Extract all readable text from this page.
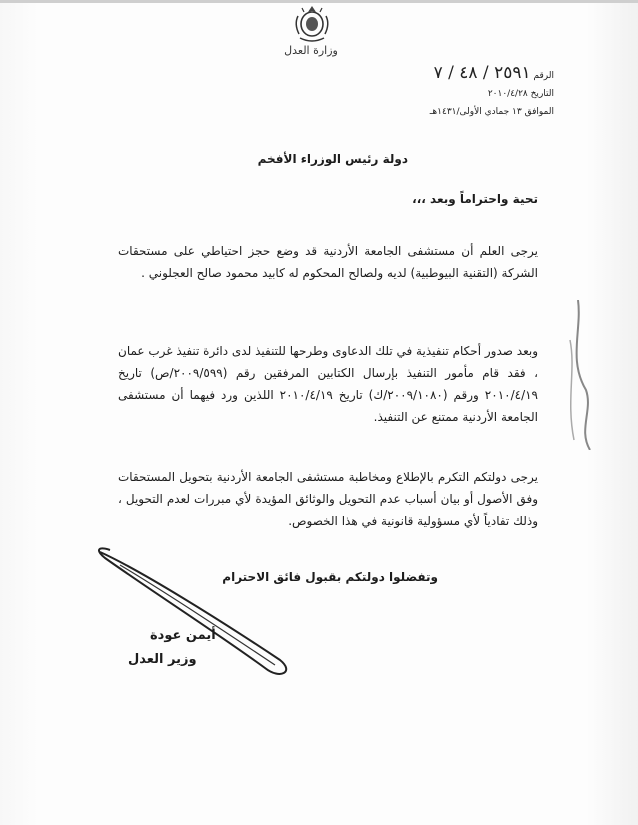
وزارة العدل
الرقم ٢٥٩١ / ٤٨ / ٧
التاريخ ٢٠١٠/٤/٢٨
الموافق ١٣ جمادي الأولى/١٤٣١هـ
دولة رئيس الوزراء الأفخم
تحية واحتراماً وبعد ،،،
يرجى العلم أن مستشفى الجامعة الأردنية قد وضع حجز احتياطي على مستحقات الشركة (التقنية البيوطبية) لديه ولصالح المحكوم له كابيد محمود صالح العجلوني .
وبعد صدور أحكام تنفيذية في تلك الدعاوى وطرحها للتنفيذ لدى دائرة تنفيذ غرب عمان ، فقد قام مأمور التنفيذ بإرسال الكتابين المرفقين رقم (٢٠٠٩/٥٩٩/ص) تاريخ ٢٠١٠/٤/١٩ ورقم (٢٠٠٩/١٠٨٠/ك) تاريخ ٢٠١٠/٤/١٩ اللذين ورد فيهما أن مستشفى الجامعة الأردنية ممتنع عن التنفيذ.
يرجى دولتكم التكرم بالإطلاع ومخاطبة مستشفى الجامعة الأردنية بتحويل المستحقات وفق الأصول أو بيان أسباب عدم التحويل والوثائق المؤيدة لأي مبررات لعدم التحويل ، وذلك تفادياً لأي مسؤولية قانونية في هذا الخصوص.
وتفضلوا دولتكم بقبول فائق الاحترام
أيمن عودة
وزير العدل
